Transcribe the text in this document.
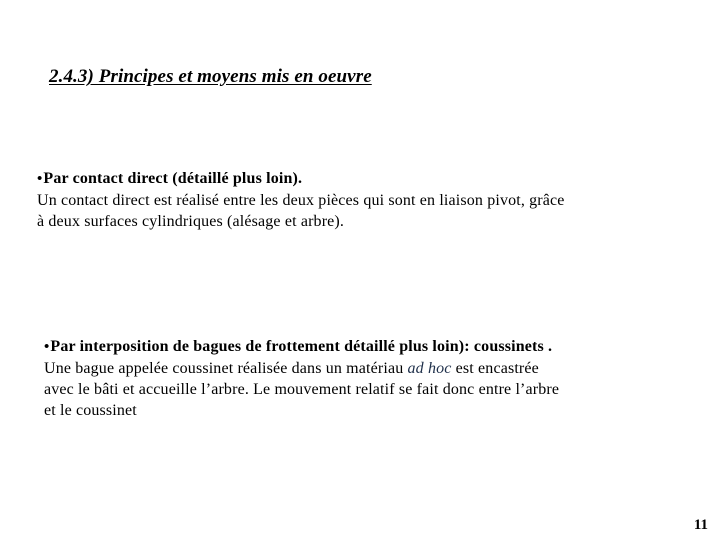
2.4.3) Principes et moyens mis en oeuvre
•Par contact direct (détaillé plus loin).
Un contact direct est réalisé entre les deux pièces qui sont en liaison pivot, grâce
à deux surfaces cylindriques (alésage et arbre).
•Par interposition de bagues de frottement détaillé plus loin): coussinets .
Une bague appelée coussinet réalisée dans un matériau ad hoc est encastrée
avec le bâti et accueille l’arbre. Le mouvement relatif se fait donc entre l’arbre
et le coussinet
11
